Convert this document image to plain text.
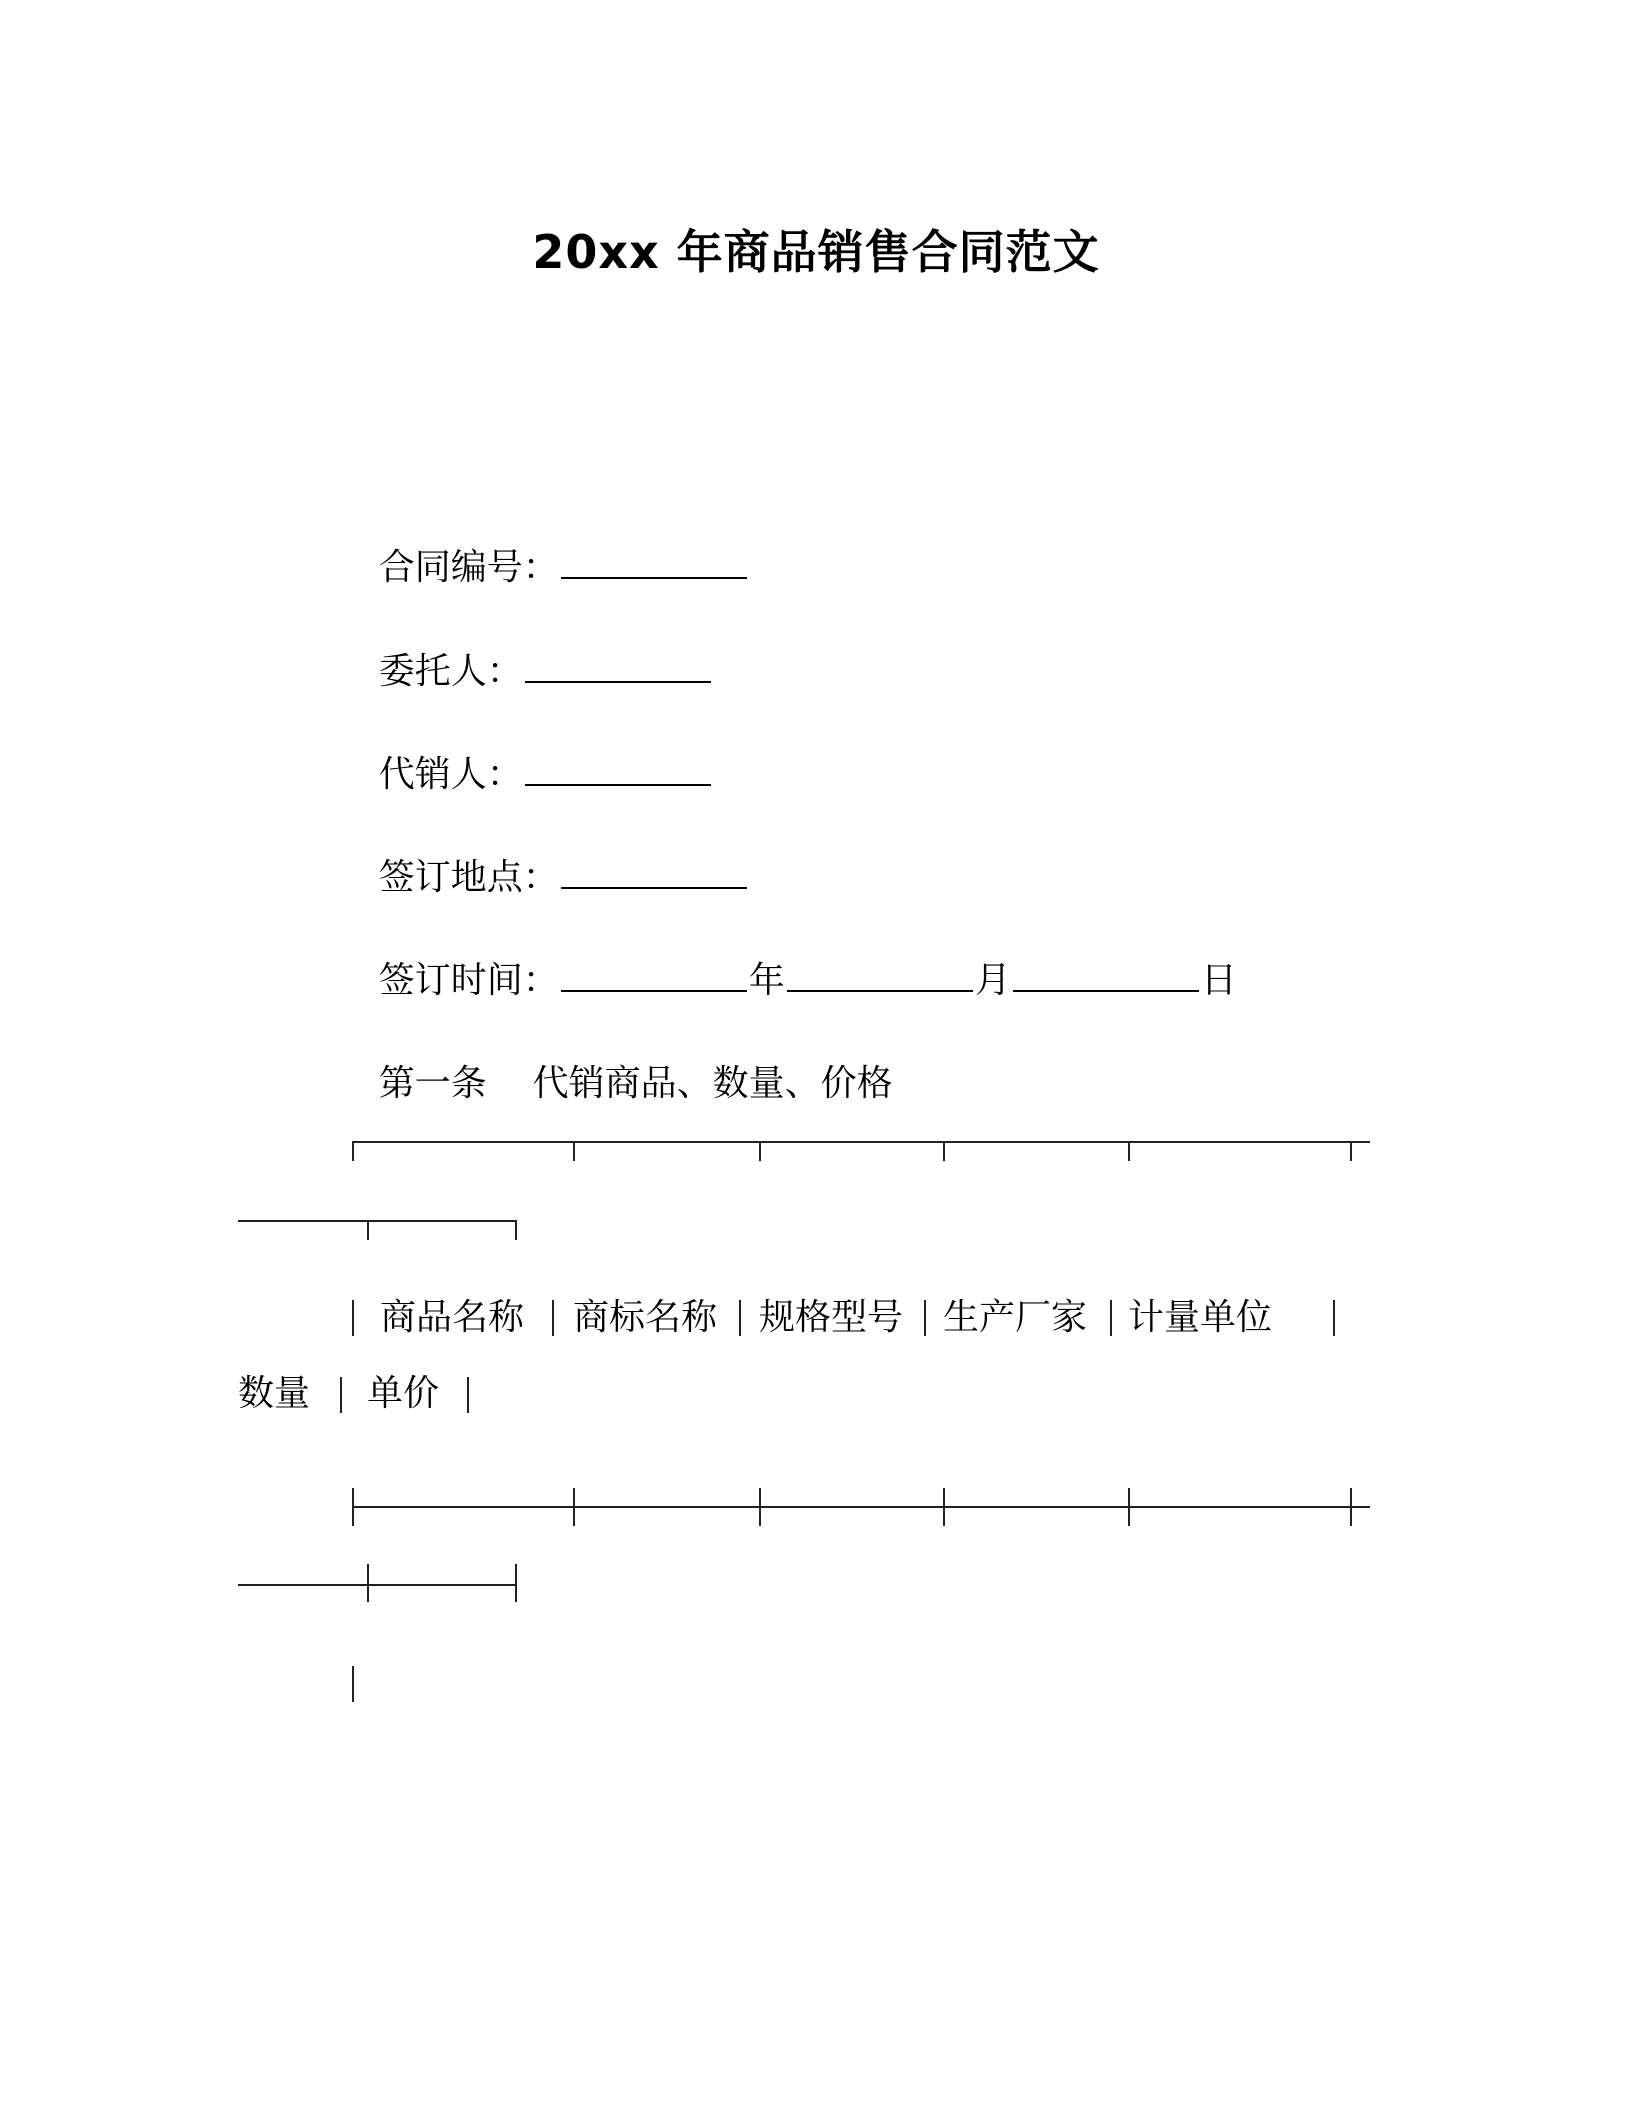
20xx 年商品销售合同范文

合同编号：

委托人：

代销人：

签订地点：

签订时间：	年	月	日

第一条 代销商品、数量、价格

商品名称 商标名称 规格型号 生产厂家 计量单位
数量 单价
